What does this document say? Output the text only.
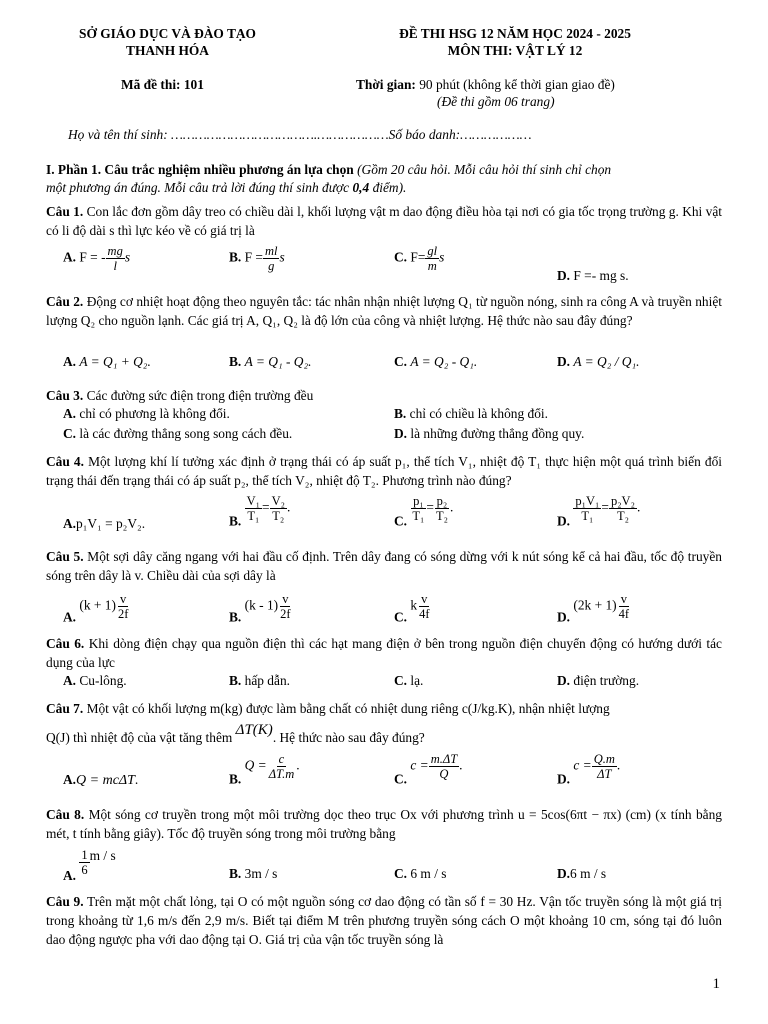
SỞ GIÁO DỤC VÀ ĐÀO TẠO
THANH HÓA
ĐỀ THI HSG 12 NĂM HỌC 2024 - 2025
MÔN THI: VẬT LÝ 12
Mã đề thi: 101	Thời gian: 90 phút (không kể thời gian giao đề)
(Đề thi gồm 06 trang)
Họ và tên thí sinh: ……………………………….………………Số báo danh:………………
I. Phần 1. Câu trắc nghiệm nhiều phương án lựa chọn (Gồm 20 câu hỏi. Mỗi câu hỏi thí sinh chỉ chọn
một phương án đúng. Mỗi câu trả lời đúng thí sinh được 0,4 điểm).
Câu 1. Con lắc đơn gồm dây treo có chiều dài l, khối lượng vật m dao động điều hòa tại nơi có gia tốc trọng trường g. Khi vật có li độ dài s thì lực kéo về có giá trị là
A. F = - $\frac{mg}{l}$ s	B. $F = \frac{ml}{g}$ s	C. $F= \frac{gl}{m}$ s
D. F =- mg s.
Câu 2. Động cơ nhiệt hoạt động theo nguyên tắc: tác nhân nhận nhiệt lượng Q₁ từ nguồn nóng, sinh ra công A và truyền nhiệt lượng Q₂ cho nguồn lạnh. Các giá trị A, Q₁, Q₂ là độ lớn của công và nhiệt lượng. Hệ thức nào sau đây đúng?
A. A = Q₁ + Q₂.	B. A = Q₁ - Q₂.	C. A = Q₂ - Q₁.	D. A = Q₂ / Q₁.
Câu 3. Các đường sức điện trong điện trường đều
A. chỉ có phương là không đổi.	B. chỉ có chiều là không đổi.
C. là các đường thẳng song song cách đều.	D. là những đường thẳng đồng quy.
Câu 4. Một lượng khí lí tưởng xác định ở trạng thái có áp suất p₁, thể tích V₁, nhiệt độ T₁ thực hiện một quá trình biến đổi trạng thái đến trạng thái có áp suất p₂, thể tích V₂, nhiệt độ T₂. Phương trình nào đúng?
A.p₁V₁ = p₂V₂.	B. $\frac{\text{V₁}}{\text{T₁}} = \frac{\text{V₂}}{\text{T₂}}$ .
C. $\frac{\text{p₁}}{\text{T₁}} = \frac{\text{p₂}}{\text{T₂}}$ .
D. $\frac{\text{p₁V₁}}{\text{T₁}} = \frac{\text{p₂V₂}}{\text{T₂}}$ .
Câu 5. Một sợi dây căng ngang với hai đầu cố định. Trên dây đang có sóng dừng với k nút sóng kể cả hai đầu, tốc độ truyền sóng trên dây là v. Chiều dài của sợi dây là
A. $(k + 1) \frac{v}{2f}$	B. $(k - 1) \frac{v}{2f}$	C. k $\frac{v}{4f}$	D. $(2k + 1) \frac{v}{4f}$
Câu 6. Khi dòng điện chạy qua nguồn điện thì các hạt mang điện ở bên trong nguồn điện chuyển động có hướng dưới tác dụng của lực
A. Cu-lông.	B. hấp dẫn.	C. lạ.	D. điện trường.
Câu 7. Một vật có khối lượng m(kg) được làm bằng chất có nhiệt dung riêng c(J/kg.K), nhận nhiệt lượng
Q(J) thì nhiệt độ của vật tăng thêm ΔT(K). Hệ thức nào sau đây đúng?
A.Q = mcΔT.	B. $Q = \frac{c}{\Delta T.m}$ .
C. $c = \frac{m.\Delta T}{Q}$ .
D. $c = \frac{Q.m}{\Delta T}$ .
Câu 8. Một sóng cơ truyền trong một môi trường dọc theo trục Ox với phương trình u = 5cos(6πt − πx) (cm) (x tính bằng mét, t tính bằng giây). Tốc độ truyền sóng trong môi trường bằng
A. $\frac{1}{6}$ m / s
B. 3m / s	C. 6 m / s	D.6 m / s
Câu 9. Trên mặt một chất lỏng, tại O có một nguồn sóng cơ dao động có tần số f = 30 Hz. Vận tốc truyền sóng là một giá trị trong khoảng từ 1,6 m/s đến 2,9 m/s. Biết tại điểm M trên phương truyền sóng cách O một khoảng 10 cm, sóng tại đó luôn dao động ngược pha với dao động tại O. Giá trị của vận tốc truyền sóng là
1
